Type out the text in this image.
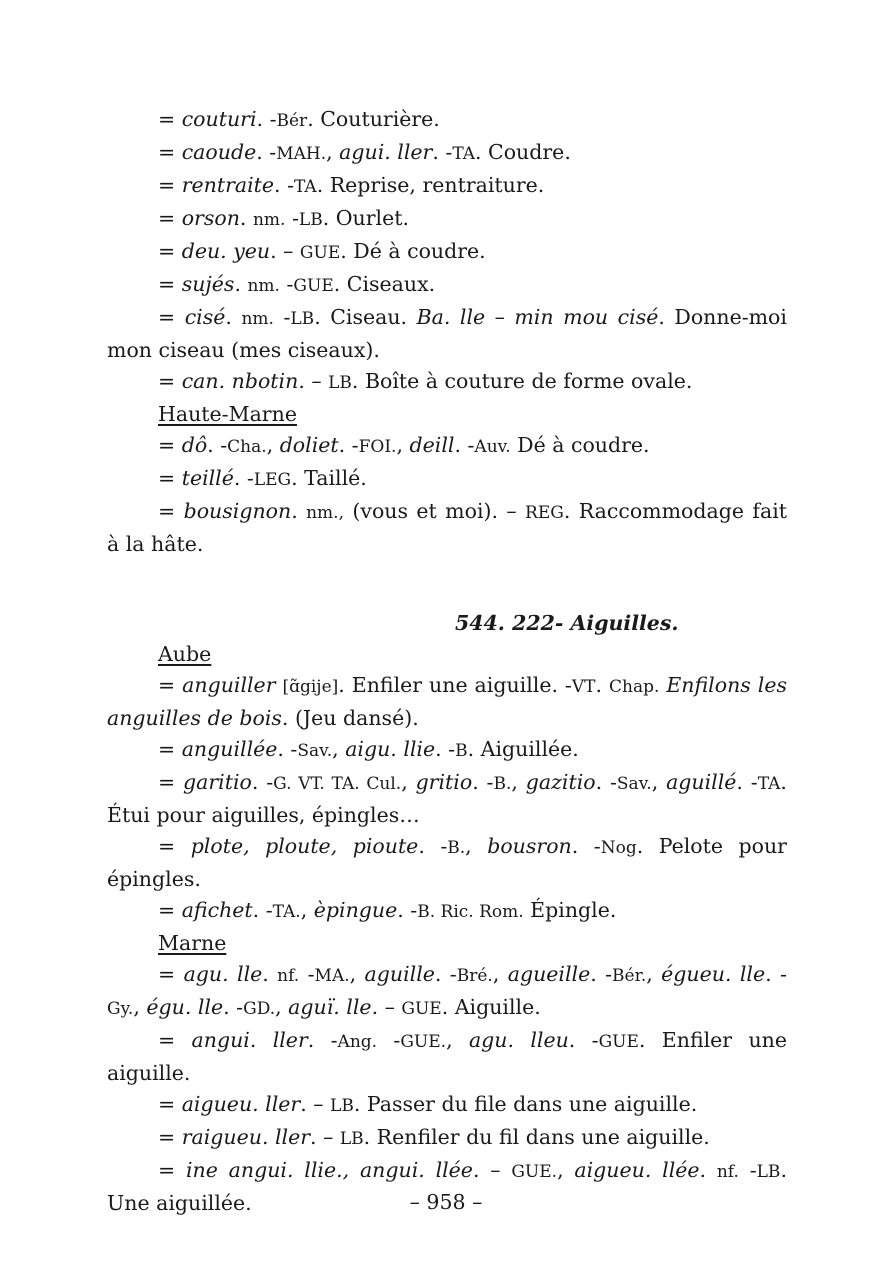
= couturi. -Bér. Couturière.

= caoude. -MAH., agui. ller. -TA. Coudre.

= rentraite. -TA. Reprise, rentraiture.

= orson. nm. -LB. Ourlet.

= deu. yeu. – GUE. Dé à coudre.

= sujés. nm. -GUE. Ciseaux.

= cisé. nm. -LB. Ciseau. Ba. lle – min mou cisé. Donne-moi mon ciseau (mes ciseaux).

= can. nbotin. – LB. Boîte à couture de forme ovale.

Haute-Marne

= dô. -Cha., doliet. -FOI., deill. -Auv. Dé à coudre.

= teillé. -LEG. Taillé.

= bousignon. nm., (vous et moi). – REG. Raccommodage fait à la hâte.

544. 222- Aiguilles.

Aube

= anguiller [ɑ̃gije]. Enfiler une aiguille. -VT. Chap. Enfilons les anguilles de bois. (Jeu dansé).

= anguillée. -Sav., aigu. llie. -B. Aiguillée.

= garitio. -G. VT. TA. Cul., gritio. -B., gazitio. -Sav., aguillé. -TA. Étui pour aiguilles, épingles…

= plote, ploute, pioute. -B., bousron. -Nog. Pelote pour épingles.

= afichet. -TA., èpingue. -B. Ric. Rom. Épingle.

Marne

= agu. lle. nf. -MA., aguille. -Bré., agueille. -Bér., égueu. lle. -Gy., égu. lle. -GD., aguï. lle. – GUE. Aiguille.

= angui. ller. -Ang. -GUE., agu. lleu. -GUE. Enfiler une aiguille.

= aigueu. ller. – LB. Passer du file dans une aiguille.

= raigueu. ller. – LB. Renfiler du fil dans une aiguille.

= ine angui. llie., angui. llée. – GUE., aigueu. llée. nf. -LB. Une aiguillée.	– 958 –
